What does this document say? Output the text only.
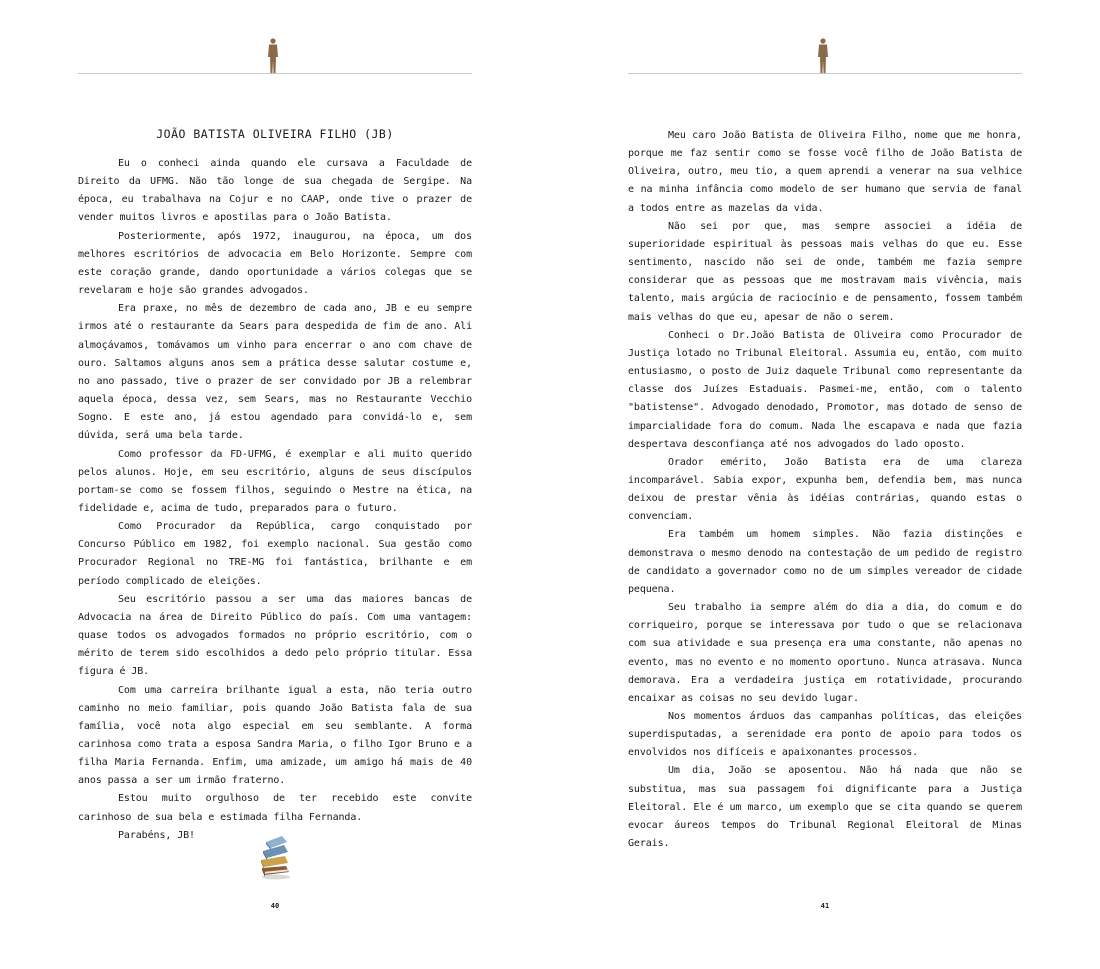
JOÃO BATISTA OLIVEIRA FILHO (JB)

Eu o conheci ainda quando ele cursava a Faculdade de Direito da UFMG. Não tão longe de sua chegada de Sergipe. Na época, eu trabalhava na Cojur e no CAAP, onde tive o prazer de vender muitos livros e apostilas para o João Batista.

Posteriormente, após 1972, inaugurou, na época, um dos melhores escritórios de advocacia em Belo Horizonte. Sempre com este coração grande, dando oportunidade a vários colegas que se revelaram e hoje são grandes advogados.

Era praxe, no mês de dezembro de cada ano, JB e eu sempre irmos até o restaurante da Sears para despedida de fim de ano. Ali almoçávamos, tomávamos um vinho para encerrar o ano com chave de ouro. Saltamos alguns anos sem a prática desse salutar costume e, no ano passado, tive o prazer de ser convidado por JB a relembrar aquela época, dessa vez, sem Sears, mas no Restaurante Vecchio Sogno. E este ano, já estou agendado para convidá-lo e, sem dúvida, será uma bela tarde.

Como professor da FD-UFMG, é exemplar e ali muito querido pelos alunos. Hoje, em seu escritório, alguns de seus discípulos portam-se como se fossem filhos, seguindo o Mestre na ética, na fidelidade e, acima de tudo, preparados para o futuro.

Como Procurador da República, cargo conquistado por Concurso Público em 1982, foi exemplo nacional. Sua gestão como Procurador Regional no TRE-MG foi fantástica, brilhante e em período complicado de eleições.

Seu escritório passou a ser uma das maiores bancas de Advocacia na área de Direito Público do país. Com uma vantagem: quase todos os advogados formados no próprio escritório, com o mérito de terem sido escolhidos a dedo pelo próprio titular. Essa figura é JB.

Com uma carreira brilhante igual a esta, não teria outro caminho no meio familiar, pois quando João Batista fala de sua família, você nota algo especial em seu semblante. A forma carinhosa como trata a esposa Sandra Maria, o filho Igor Bruno e a filha Maria Fernanda. Enfim, uma amizade, um amigo há mais de 40 anos passa a ser um irmão fraterno.

Estou muito orgulhoso de ter recebido este convite carinhoso de sua bela e estimada filha Fernanda.

Parabéns, JB!

40

Meu caro João Batista de Oliveira Filho, nome que me honra, porque me faz sentir como se fosse você filho de João Batista de Oliveira, outro, meu tio, a quem aprendi a venerar na sua velhice e na minha infância como modelo de ser humano que servia de fanal a todos entre as mazelas da vida.

Não sei por que, mas sempre associei a idéia de superioridade espiritual às pessoas mais velhas do que eu. Esse sentimento, nascido não sei de onde, também me fazia sempre considerar que as pessoas que me mostravam mais vivência, mais talento, mais argúcia de raciocínio e de pensamento, fossem também mais velhas do que eu, apesar de não o serem.

Conheci o Dr.João Batista de Oliveira como Procurador de Justiça lotado no Tribunal Eleitoral. Assumia eu, então, com muito entusiasmo, o posto de Juiz daquele Tribunal como representante da classe dos Juízes Estaduais. Pasmei-me, então, com o talento "batistense". Advogado denodado, Promotor, mas dotado de senso de imparcialidade fora do comum. Nada lhe escapava e nada que fazia despertava desconfiança até nos advogados do lado oposto.

Orador emérito, João Batista era de uma clareza incomparável. Sabia expor, expunha bem, defendia bem, mas nunca deixou de prestar vênia às idéias contrárias, quando estas o convenciam.

Era também um homem simples. Não fazia distinções e demonstrava o mesmo denodo na contestação de um pedido de registro de candidato a governador como no de um simples vereador de cidade pequena.

Seu trabalho ia sempre além do dia a dia, do comum e do corriqueiro, porque se interessava por tudo o que se relacionava com sua atividade e sua presença era uma constante, não apenas no evento, mas no evento e no momento oportuno. Nunca atrasava. Nunca demorava. Era a verdadeira justiça em rotatividade, procurando encaixar as coisas no seu devido lugar.

Nos momentos árduos das campanhas políticas, das eleições superdisputadas, a serenidade era ponto de apoio para todos os envolvidos nos difíceis e apaixonantes processos.

Um dia, João se aposentou. Não há nada que não se substitua, mas sua passagem foi dignificante para a Justiça Eleitoral. Ele é um marco, um exemplo que se cita quando se querem evocar áureos tempos do Tribunal Regional Eleitoral de Minas Gerais.

41
